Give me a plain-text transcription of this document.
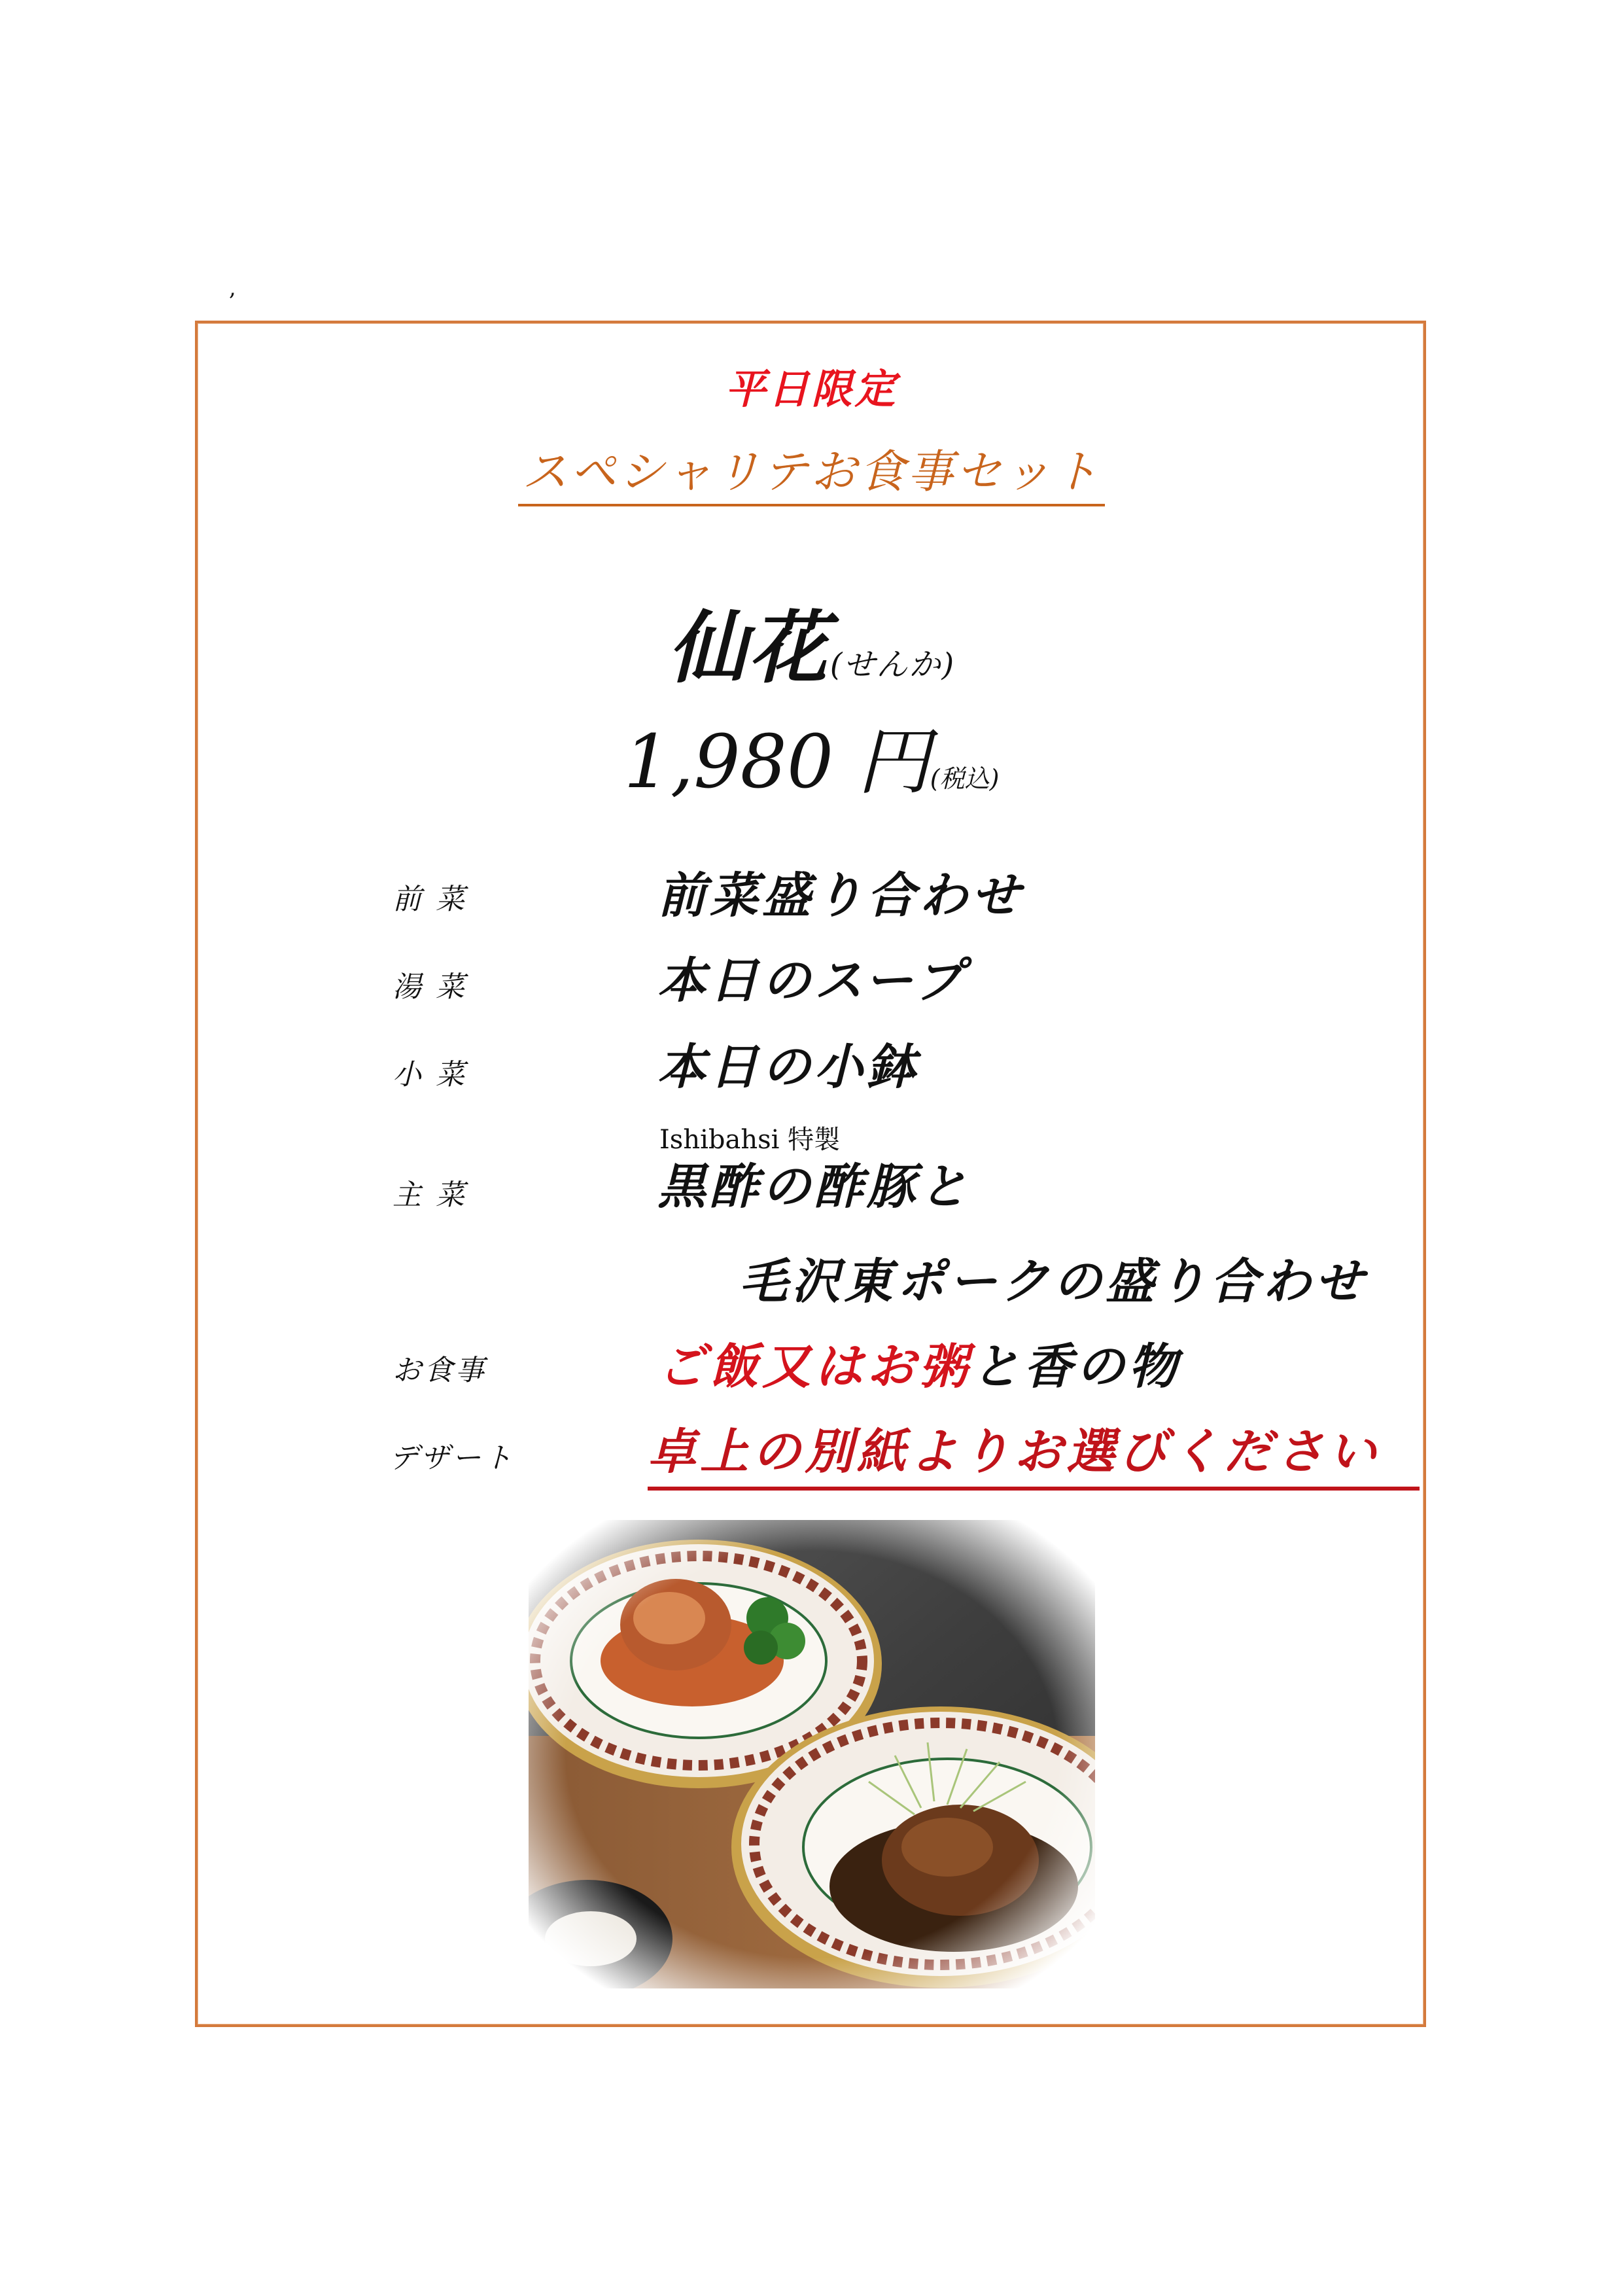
,
平日限定
スペシャリテお食事セット
仙花(せんか)
1,980 円(税込)
前 菜	前菜盛り合わせ
湯 菜	本日のスープ
小 菜	本日の小鉢
Ishibahsi 特製
主 菜	黒酢の酢豚と
毛沢東ポークの盛り合わせ
お食事	ご飯又はお粥と香の物
デザート	卓上の別紙よりお選びください
